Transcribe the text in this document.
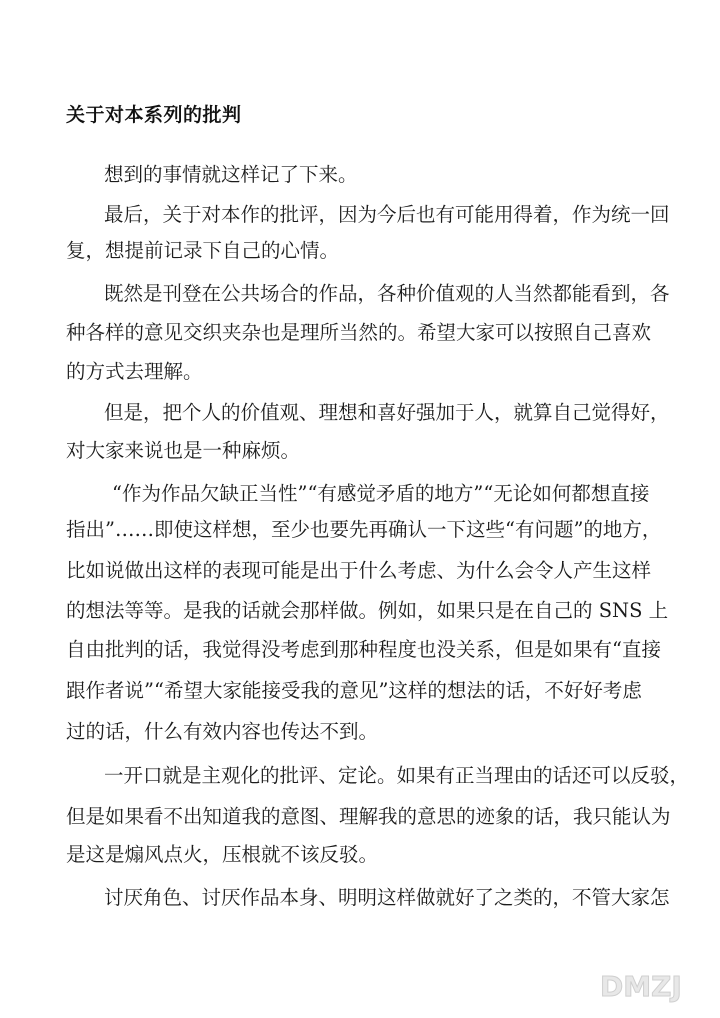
关于对本系列的批判
想到的事情就这样记了下来。
最后，关于对本作的批评，因为今后也有可能用得着，作为统一回
复，想提前记录下自己的心情。
既然是刊登在公共场合的作品，各种价值观的人当然都能看到，各
种各样的意见交织夹杂也是理所当然的。希望大家可以按照自己喜欢
的方式去理解。
但是，把个人的价值观、理想和喜好强加于人，就算自己觉得好，
对大家来说也是一种麻烦。
“作为作品欠缺正当性”“有感觉矛盾的地方”“无论如何都想直接
指出”……即使这样想，至少也要先再确认一下这些“有问题”的地方，
比如说做出这样的表现可能是出于什么考虑、为什么会令人产生这样
的想法等等。是我的话就会那样做。例如，如果只是在自己的 SNS 上
自由批判的话，我觉得没考虑到那种程度也没关系，但是如果有“直接
跟作者说”“希望大家能接受我的意见”这样的想法的话，不好好考虑
过的话，什么有效内容也传达不到。
一开口就是主观化的批评、定论。如果有正当理由的话还可以反驳，
但是如果看不出知道我的意图、理解我的意思的迹象的话，我只能认为
是这是煽风点火，压根就不该反驳。
讨厌角色、讨厌作品本身、明明这样做就好了之类的，不管大家怎
DMZJ
